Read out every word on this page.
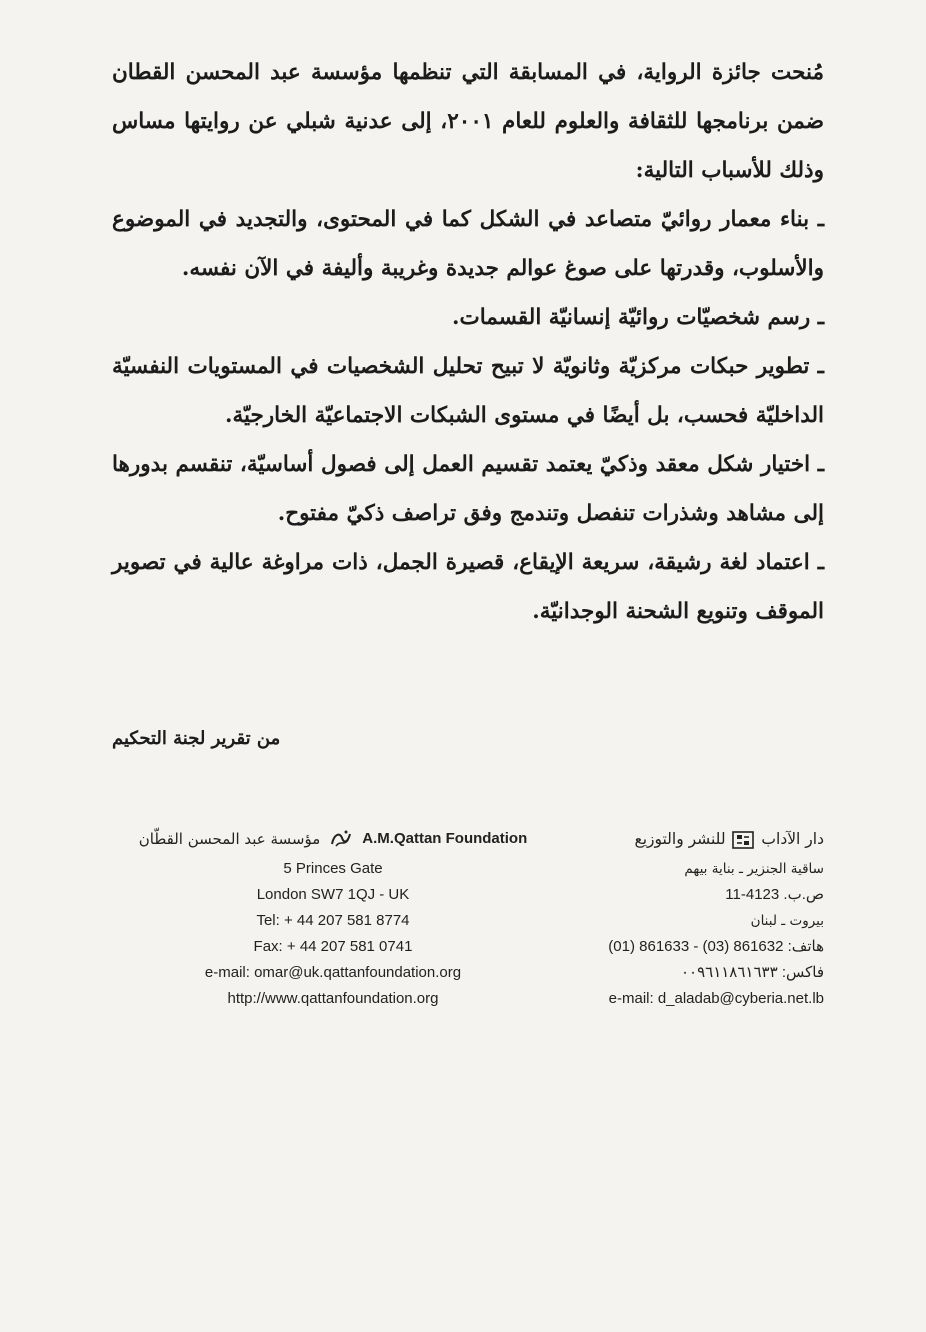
مُنحت جائزة الرواية، في المسابقة التي تنظمها مؤسسة عبد المحسن القطان ضمن برنامجها للثقافة والعلوم للعام ٢٠٠١، إلى عدنية شبلي عن روايتها مساس وذلك للأسباب التالية:

ـ بناء معمار روائيّ متصاعد في الشكل كما في المحتوى، والتجديد في الموضوع والأسلوب، وقدرتها على صوغ عوالم جديدة وغريبة وأليفة في الآن نفسه.

ـ رسم شخصيّات روائيّة إنسانيّة القسمات.

ـ تطوير حبكات مركزيّة وثانويّة لا تبيح تحليل الشخصيات في المستويات النفسيّة الداخليّة فحسب، بل أيضًا في مستوى الشبكات الاجتماعيّة الخارجيّة.

ـ اختيار شكل معقد وذكيّ يعتمد تقسيم العمل إلى فصول أساسيّة، تنقسم بدورها إلى مشاهد وشذرات تنفصل وتندمج وفق تراصف ذكيّ مفتوح.

ـ اعتماد لغة رشيقة، سريعة الإيقاع، قصيرة الجمل، ذات مراوغة عالية في تصوير الموقف وتنويع الشحنة الوجدانيّة.

من تقرير لجنة التحكيم
مؤسسة عبد المحسن القطّان	A.M.Qattan Foundation
5 Princes Gate
London SW7 1QJ - UK
Tel: + 44 207 581 8774
Fax: + 44 207 581 0741
e-mail: omar@uk.qattanfoundation.org
http://www.qattanfoundation.org
دار الآداب  للنشر والتوزيع
ساقية الجنزير ـ بناية بيهم
ص.ب. 4123-11
بيروت ـ لبنان
هاتف: 861632 (03) - 861633 (01)
فاكس: ٠٠٩٦١١٨٦١٦٣٣
e-mail: d_aladab@cyberia.net.lb
